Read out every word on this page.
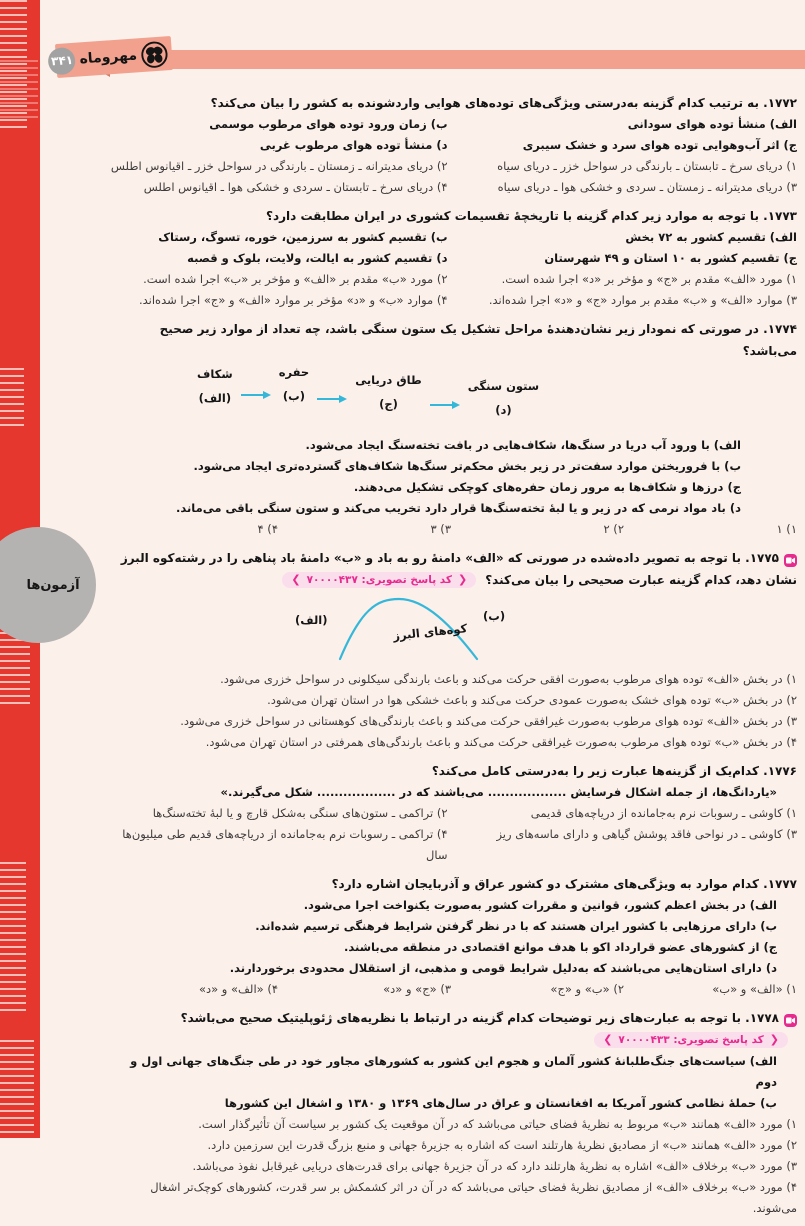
مهروماه
۳۴۱
آزمون‌ها
۱۷۷۲. به ترتیب کدام گزینه به‌درستی ویژگی‌های توده‌های هوایی واردشونده به کشور را بیان می‌کند؟
الف) منشأ توده هوای سودانی
ب) زمان ورود توده هوای مرطوب موسمی
ج) اثر آب‌وهوایی توده هوای سرد و خشک سیبری
د) منشأ توده هوای مرطوب غربی
۱) دریای سرخ ـ تابستان ـ بارندگی در سواحل خزر ـ دریای سیاه
۲) دریای مدیترانه ـ زمستان ـ بارندگی در سواحل خزر ـ اقیانوس اطلس
۳) دریای مدیترانه ـ زمستان ـ سردی و خشکی هوا ـ دریای سیاه
۴) دریای سرخ ـ تابستان ـ سردی و خشکی هوا ـ اقیانوس اطلس
۱۷۷۳. با توجه به موارد زیر کدام گزینه با تاریخچهٔ تقسیمات کشوری در ایران مطابقت دارد؟
الف) تقسیم کشور به ۷۲ بخش
ب) تقسیم کشور به سرزمین، خوره، تسوگ، رستاک
ج) تقسیم کشور به ۱۰ استان و ۴۹ شهرستان
د) تقسیم کشور به ایالت، ولایت، بلوک و قصبه
۱) مورد «الف» مقدم بر «ج» و مؤخر بر «د» اجرا شده است.
۲) مورد «ب» مقدم بر «الف» و مؤخر بر «ب» اجرا شده است.
۳) موارد «الف» و «ب» مقدم بر موارد «ج» و «د» اجرا شده‌اند.
۴) موارد «ب» و «د» مؤخر بر موارد «الف» و «ج» اجرا شده‌اند.
۱۷۷۴. در صورتی که نمودار زیر نشان‌دهندهٔ مراحل تشکیل یک ستون سنگی باشد، چه تعداد از موارد زیر صحیح می‌باشد؟
شکاف
(الف)
حفره
(ب)
طاق دریایی
(ج)
ستون سنگی
(د)
الف) با ورود آب دریا در سنگ‌ها، شکاف‌هایی در بافت تخته‌سنگ ایجاد می‌شود.
ب) با فروریختن موارد سفت‌تر در زیر بخش محکم‌تر سنگ‌ها شکاف‌های گسترده‌تری ایجاد می‌شود.
ج) درزها و شکاف‌ها به مرور زمان حفره‌های کوچکی تشکیل می‌دهند.
د) باد مواد نرمی که در زیر و یا لبهٔ تخته‌سنگ‌ها قرار دارد تخریب می‌کند و ستون سنگی باقی می‌ماند.
۱) ۱
۲) ۲
۳) ۳
۴) ۴
۱۷۷۵. با توجه به تصویر داده‌شده در صورتی که «الف» دامنهٔ رو به باد و «ب» دامنهٔ باد پناهی را در رشته‌کوه البرز نشان دهد، کدام گزینه عبارت صحیحی را بیان می‌کند؟
❮
کد پاسخ تصویری: ۷۰۰۰۰۴۳۷
❯
(الف)	(ب)
کوه‌های البرز
۱) در بخش «الف» توده هوای مرطوب به‌صورت افقی حرکت می‌کند و باعث بارندگی سیکلونی در سواحل خزری می‌شود.
۲) در بخش «ب» توده هوای خشک به‌صورت عمودی حرکت می‌کند و باعث خشکی هوا در استان تهران می‌شود.
۳) در بخش «الف» توده هوای مرطوب به‌صورت غیرافقی حرکت می‌کند و باعث بارندگی‌های کوهستانی در سواحل خزری می‌شود.
۴) در بخش «ب» توده هوای مرطوب به‌صورت غیرافقی حرکت می‌کند و باعث بارندگی‌های همرفتی در استان تهران می‌شود.
۱۷۷۶. کدام‌یک از گزینه‌ها عبارت زیر را به‌درستی کامل می‌کند؟
«یاردانگ‌ها، از جمله اشکال فرسایش .................. می‌باشند که در .................. شکل می‌گیرند.»
۱) کاوشی ـ رسوبات نرم به‌جامانده از دریاچه‌های قدیمی
۲) تراکمی ـ ستون‌های سنگی به‌شکل قارچ و یا لبهٔ تخته‌سنگ‌ها
۳) کاوشی ـ در نواحی فاقد پوشش گیاهی و دارای ماسه‌های ریز
۴) تراکمی ـ رسوبات نرم به‌جامانده از دریاچه‌های قدیم طی میلیون‌ها سال
۱۷۷۷. کدام موارد به ویژگی‌های مشترک دو کشور عراق و آذربایجان اشاره دارد؟
الف) در بخش اعظم کشور، قوانین و مقررات کشور به‌صورت یکنواخت اجرا می‌شود.
ب) دارای مرزهایی با کشور ایران هستند که با در نظر گرفتن شرایط فرهنگی ترسیم شده‌اند.
ج) از کشورهای عضو قرارداد اکو با هدف موانع اقتصادی در منطقه می‌باشند.
د) دارای استان‌هایی می‌باشند که به‌دلیل شرایط قومی و مذهبی، از استقلال محدودی برخوردارند.
۱) «الف» و «ب»
۲) «ب» و «ج»
۳) «ج» و «د»
۴) «الف» و «د»
۱۷۷۸. با توجه به عبارت‌های زیر توضیحات کدام گزینه در ارتباط با نظریه‌های ژئوپلیتیک صحیح می‌باشد؟
❮
کد پاسخ تصویری: ۷۰۰۰۰۴۳۳
❯
الف) سیاست‌های جنگ‌طلبانهٔ کشور آلمان و هجوم این کشور به کشورهای مجاور خود در طی جنگ‌های جهانی اول و دوم
ب) حملهٔ نظامی کشور آمریکا به افغانستان و عراق در سال‌های ۱۳۶۹ و ۱۳۸۰ و اشغال این کشورها
۱) مورد «الف» همانند «ب» مربوط به نظریهٔ فضای حیاتی می‌باشد که در آن موقعیت یک کشور بر سیاست آن تأثیرگذار است.
۲) مورد «الف» همانند «ب» از مصادیق نظریهٔ هارتلند است که اشاره به جزیرهٔ جهانی و منبع بزرگ قدرت این سرزمین دارد.
۳) مورد «ب» برخلاف «الف» اشاره به نظریهٔ هارتلند دارد که در آن جزیرهٔ جهانی برای قدرت‌های دریایی غیرقابل نفوذ می‌باشد.
۴) مورد «ب» برخلاف «الف» از مصادیق نظریهٔ فضای حیاتی می‌باشد که در آن در اثر کشمکش بر سر قدرت، کشورهای کوچک‌تر اشغال می‌شوند.
